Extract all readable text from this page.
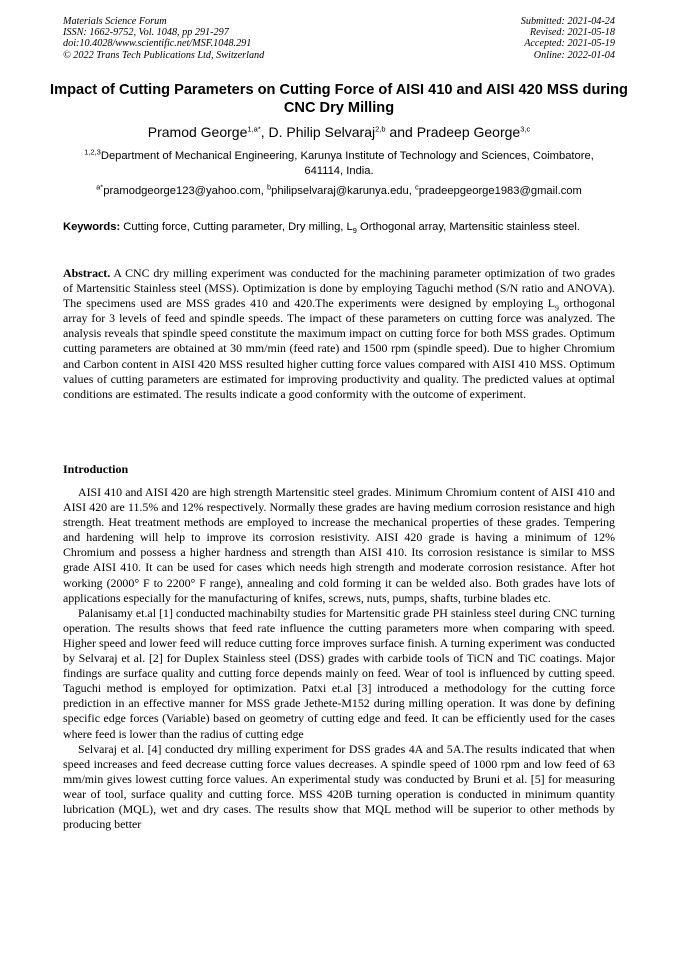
Materials Science Forum
ISSN: 1662-9752, Vol. 1048, pp 291-297
doi:10.4028/www.scientific.net/MSF.1048.291
© 2022 Trans Tech Publications Ltd, Switzerland
Submitted: 2021-04-24
Revised: 2021-05-18
Accepted: 2021-05-19
Online: 2022-01-04
Impact of Cutting Parameters on Cutting Force of AISI 410 and AISI 420 MSS during CNC Dry Milling
Pramod George$^{1,a*}$, D. Philip Selvaraj$^{2,b}$ and Pradeep George$^{3,c}$
$^{1,2,3}$Department of Mechanical Engineering, Karunya Institute of Technology and Sciences, Coimbatore, 641114, India.
$^{a*}$pramodgeorge123@yahoo.com, $^b$philipselvaraj@karunya.edu, $^c$pradeepgeorge1983@gmail.com
Keywords: Cutting force, Cutting parameter, Dry milling, $L_9$ Orthogonal array, Martensitic stainless steel.
Abstract. A CNC dry milling experiment was conducted for the machining parameter optimization of two grades of Martensitic Stainless steel (MSS). Optimization is done by employing Taguchi method (S/N ratio and ANOVA). The specimens used are MSS grades 410 and 420.The experiments were designed by employing $L_9$ orthogonal array for 3 levels of feed and spindle speeds. The impact of these parameters on cutting force was analyzed. The analysis reveals that spindle speed constitute the maximum impact on cutting force for both MSS grades. Optimum cutting parameters are obtained at 30 mm/min (feed rate) and 1500 rpm (spindle speed). Due to higher Chromium and Carbon content in AISI 420 MSS resulted higher cutting force values compared with AISI 410 MSS. Optimum values of cutting parameters are estimated for improving productivity and quality. The predicted values at optimal conditions are estimated. The results indicate a good conformity with the outcome of experiment.
Introduction

AISI 410 and AISI 420 are high strength Martensitic steel grades. Minimum Chromium content of AISI 410 and AISI 420 are 11.5% and 12% respectively. Normally these grades are having medium corrosion resistance and high strength. Heat treatment methods are employed to increase the mechanical properties of these grades. Tempering and hardening will help to improve its corrosion resistivity. AISI 420 grade is having a minimum of 12% Chromium and possess a higher hardness and strength than AISI 410. Its corrosion resistance is similar to MSS grade AISI 410. It can be used for cases which needs high strength and moderate corrosion resistance. After hot working (2000° F to 2200° F range), annealing and cold forming it can be welded also. Both grades have lots of applications especially for the manufacturing of knifes, screws, nuts, pumps, shafts, turbine blades etc.

Palanisamy et.al [1] conducted machinabilty studies for Martensitic grade PH stainless steel during CNC turning operation. The results shows that feed rate influence the cutting parameters more when comparing with speed. Higher speed and lower feed will reduce cutting force improves surface finish. A turning experiment was conducted by Selvaraj et al. [2] for Duplex Stainless steel (DSS) grades with carbide tools of TiCN and TiC coatings. Major findings are surface quality and cutting force depends mainly on feed. Wear of tool is influenced by cutting speed. Taguchi method is employed for optimization. Patxi et.al [3] introduced a methodology for the cutting force prediction in an effective manner for MSS grade Jethete-M152 during milling operation. It was done by defining specific edge forces (Variable) based on geometry of cutting edge and feed. It can be efficiently used for the cases where feed is lower than the radius of cutting edge

Selvaraj et al. [4] conducted dry milling experiment for DSS grades 4A and 5A.The results indicated that when speed increases and feed decrease cutting force values decreases. A spindle speed of 1000 rpm and low feed of 63 mm/min gives lowest cutting force values. An experimental study was conducted by Bruni et al. [5] for measuring wear of tool, surface quality and cutting force. MSS 420B turning operation is conducted in minimum quantity lubrication (MQL), wet and dry cases. The results show that MQL method will be superior to other methods by producing better
